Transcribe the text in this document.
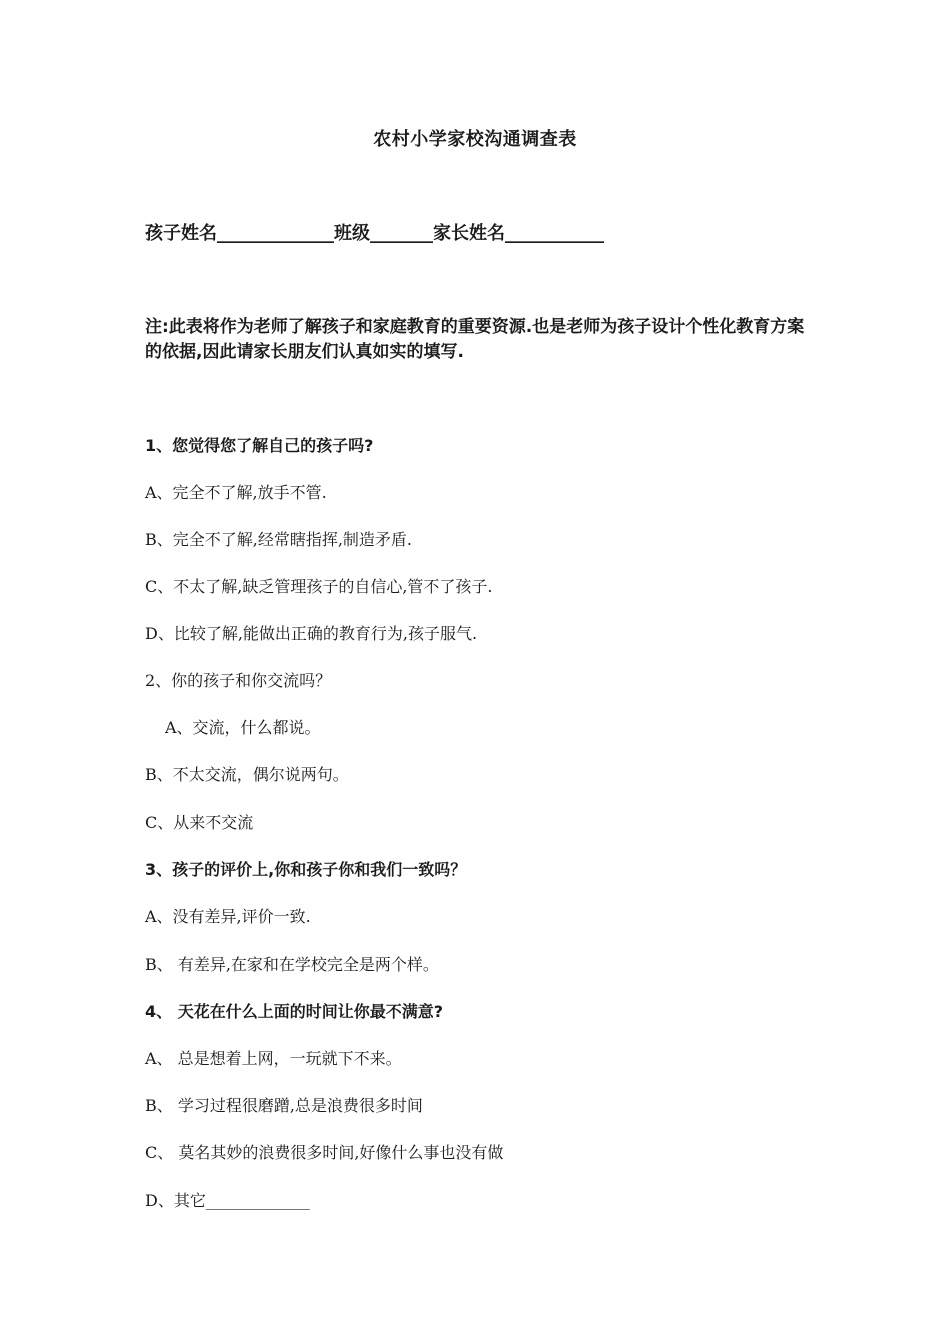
农村小学家校沟通调查表
孩子姓名_____________班级_______家长姓名___________
注:此表将作为老师了解孩子和家庭教育的重要资源.也是老师为孩子设计个性化教育方案的依据,因此请家长朋友们认真如实的填写.
1、您觉得您了解自己的孩子吗?
A、完全不了解,放手不管.
B、完全不了解,经常瞎指挥,制造矛盾.
C、不太了解,缺乏管理孩子的自信心,管不了孩子.
D、比较了解,能做出正确的教育行为,孩子服气.
2、你的孩子和你交流吗？
A、交流，什么都说。
B、不太交流，偶尔说两句。
C、从来不交流
3、孩子的评价上,你和孩子你和我们一致吗？
A、没有差异,评价一致.
B、 有差异,在家和在学校完全是两个样。
4、 天花在什么上面的时间让你最不满意?
A、 总是想着上网，一玩就下不来。
B、 学习过程很磨蹭,总是浪费很多时间
C、 莫名其妙的浪费很多时间,好像什么事也没有做
D、其它_____________
